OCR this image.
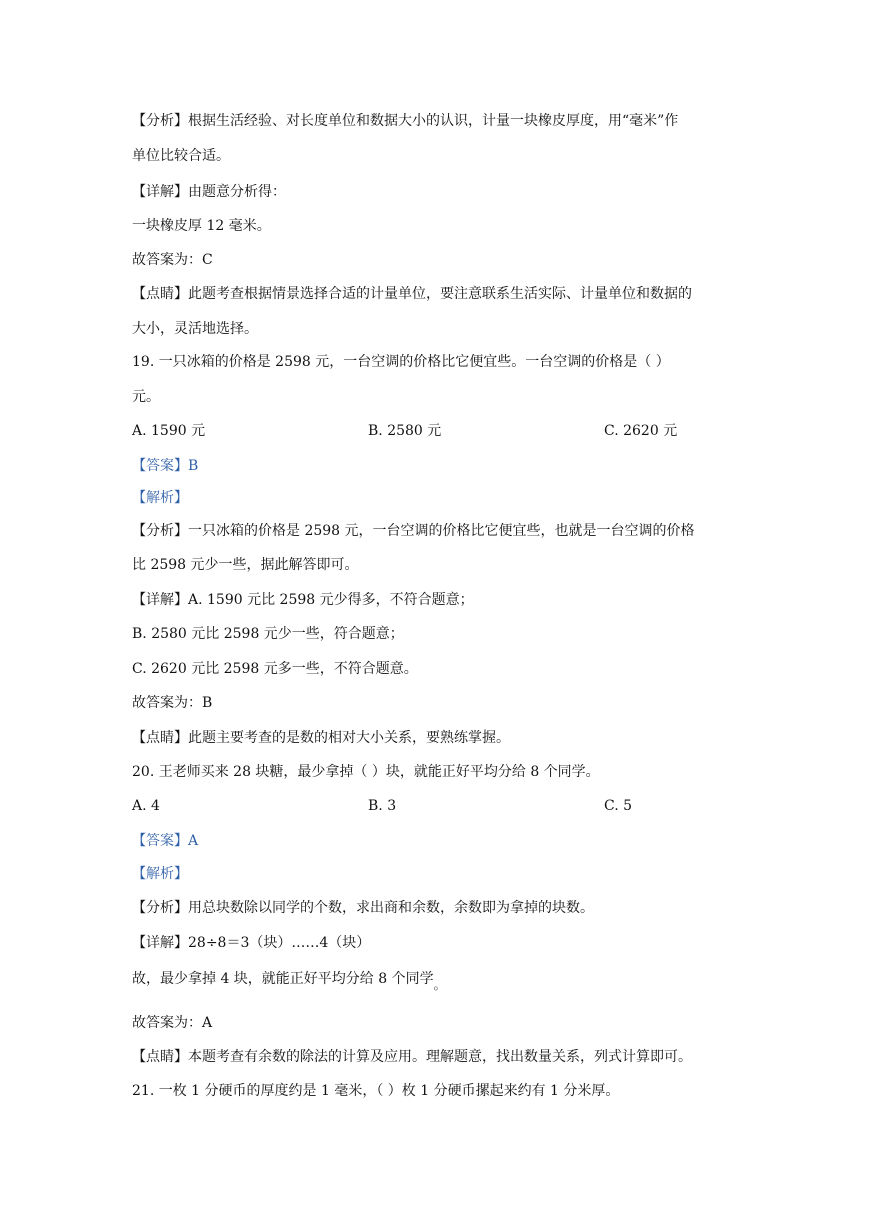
【分析】根据生活经验、对长度单位和数据大小的认识，计量一块橡皮厚度，用“毫米”作
单位比较合适。
【详解】由题意分析得：
一块橡皮厚 12 毫米。
故答案为：C
【点睛】此题考查根据情景选择合适的计量单位，要注意联系生活实际、计量单位和数据的
大小，灵活地选择。
19. 一只冰箱的价格是 2598 元，一台空调的价格比它便宜些。一台空调的价格是（ ）
元。
A. 1590 元	B. 2580 元	C. 2620 元
【答案】B
【解析】
【分析】一只冰箱的价格是 2598 元，一台空调的价格比它便宜些，也就是一台空调的价格
比 2598 元少一些，据此解答即可。
【详解】A. 1590 元比 2598 元少得多，不符合题意；
B. 2580 元比 2598 元少一些，符合题意；
C. 2620 元比 2598 元多一些，不符合题意。
故答案为：B
【点睛】此题主要考查的是数的相对大小关系，要熟练掌握。
20. 王老师买来 28 块糖，最少拿掉（ ）块，就能正好平均分给 8 个同学。
A. 4	B. 3	C. 5
【答案】A
【解析】
【分析】用总块数除以同学的个数，求出商和余数，余数即为拿掉的块数。
【详解】28÷8＝3（块）……4（块）
故，最少拿掉 4 块，就能正好平均分给 8 个同学。
故答案为：A
【点睛】本题考查有余数的除法的计算及应用。理解题意，找出数量关系，列式计算即可。
21. 一枚 1 分硬币的厚度约是 1 毫米，（ ）枚 1 分硬币摞起来约有 1 分米厚。
